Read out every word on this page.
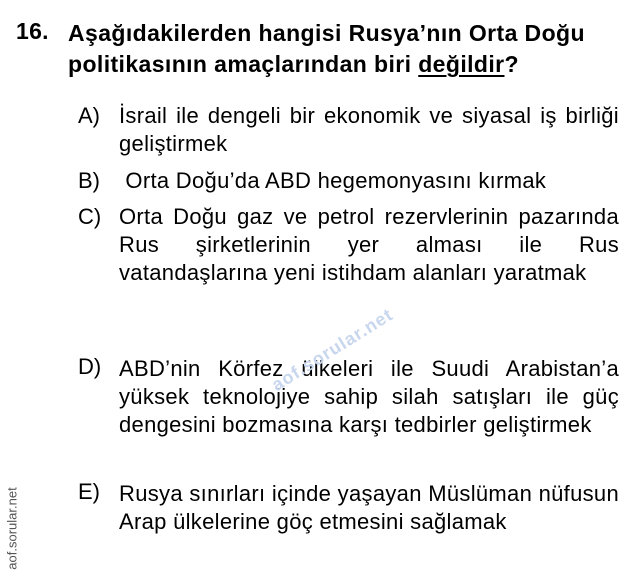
16. Aşağıdakilerden hangisi Rusya’nın Orta Doğu politikasının amaçlarından biri değildir?
A) İsrail ile dengeli bir ekonomik ve siyasal iş birliği geliştirmek
B) Orta Doğu’da ABD hegemonyasını kırmak
C) Orta Doğu gaz ve petrol rezervlerinin pazarında Rus şirketlerinin yer alması ile Rus vatandaşlarına yeni istihdam alanları yaratmak
D) ABD’nin Körfez ülkeleri ile Suudi Arabistan’a yüksek teknolojiye sahip silah satışları ile güç dengesini bozmasına karşı tedbirler geliştirmek
E) Rusya sınırları içinde yaşayan Müslüman nüfusun Arap ülkelerine göç etmesini sağlamak
aof.sorular.net
aof.sorular.net
